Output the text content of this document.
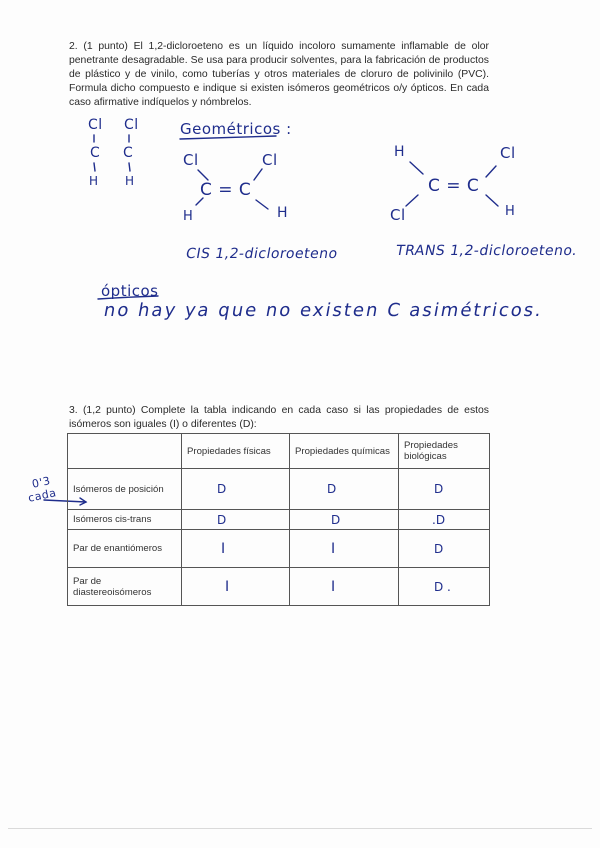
2. (1 punto) El 1,2-dicloroeteno es un líquido incoloro sumamente inflamable de olor penetrante desagradable. Se usa para producir solventes, para la fabricación de productos de plástico y de vinilo, como tuberías y otros materiales de cloruro de polivinilo (PVC). Formula dicho compuesto e indique si existen isómeros geométricos o/y ópticos. En cada caso afirmative indíquelos y nómbrelos.

Cl Cl
C C
H H
Geométricos :
Cl	Cl
C = C
H	H
CIS 1,2-dicloroeteno
H	Cl
C = C
Cl	H
TRANS 1,2-dicloroeteno.
ópticos
no hay ya que no existen C asimétricos.

3. (1,2 punto) Complete la tabla indicando en cada caso si las propiedades de estos isómeros son iguales (I) o diferentes (D):

0'3
cada
	Propiedades físicas	Propiedades químicas	Propiedades biológicas
Isómeros de posición	D	D	D
Isómeros cis-trans	D	D	.D
Par de enantiómeros	I	I	D
Par de diastereoisómeros	I	I	D .
